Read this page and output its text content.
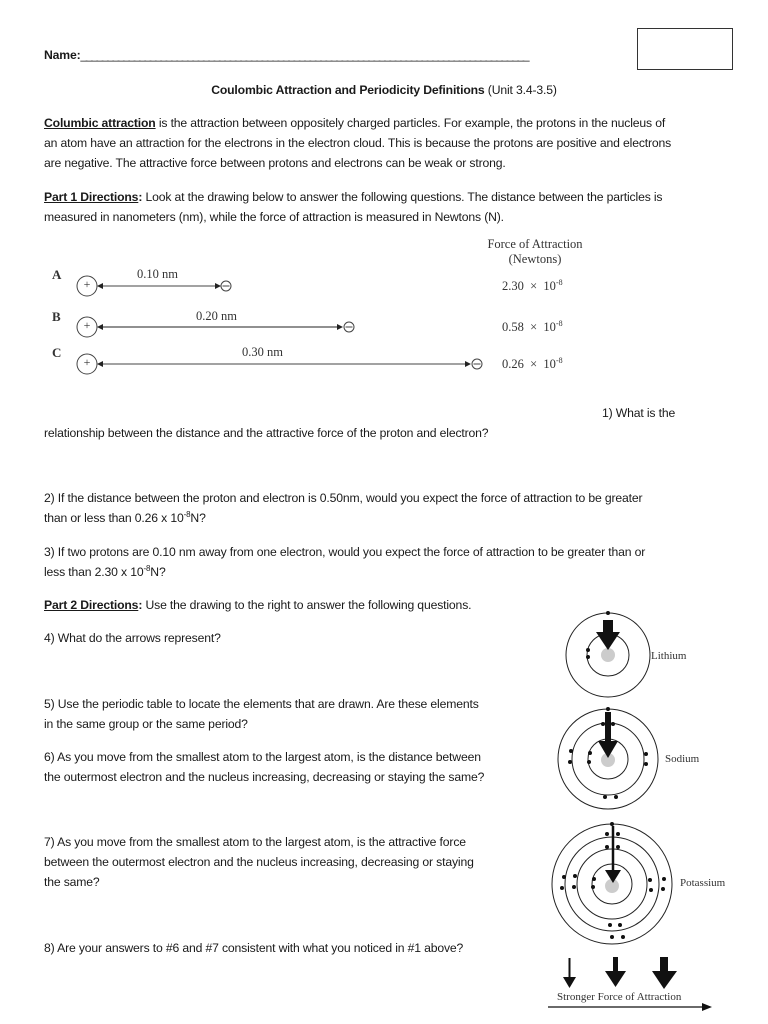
Name:____________________________________________________________________________________
Coulombic Attraction and Periodicity Definitions (Unit 3.4-3.5)
Columbic attraction is the attraction between oppositely charged particles. For example, the protons in the nucleus of
an atom have an attraction for the electrons in the electron cloud. This is because the protons are positive and electrons
are negative. The attractive force between protons and electrons can be weak or strong.
Part 1 Directions: Look at the drawing below to answer the following questions. The distance between the particles is
measured in nanometers (nm), while the force of attraction is measured in Newtons (N).
Force of Attraction
(Newtons)
A
B
C
0.10 nm
0.20 nm
0.30 nm
+
+
+
$2.30 \times 10^{-8}$
$0.58 \times 10^{-8}$
$0.26 \times 10^{-8}$
1) What is the
relationship between the distance and the attractive force of the proton and electron?
2) If the distance between the proton and electron is 0.50nm, would you expect the force of attraction to be greater
than or less than 0.26 x $10^{-8}N$?
3) If two protons are 0.10 nm away from one electron, would you expect the force of attraction to be greater than or
less than 2.30 x $10^{-8}N$?
Part 2 Directions: Use the drawing to the right to answer the following questions.
4) What do the arrows represent?
5) Use the periodic table to locate the elements that are drawn. Are these elements
in the same group or the same period?
6) As you move from the smallest atom to the largest atom, is the distance between
the outermost electron and the nucleus increasing, decreasing or staying the same?
7) As you move from the smallest atom to the largest atom, is the attractive force
between the outermost electron and the nucleus increasing, decreasing or staying
the same?
8) Are your answers to #6 and #7 consistent with what you noticed in #1 above?
Lithium
Sodium
Potassium
Stronger Force of Attraction
